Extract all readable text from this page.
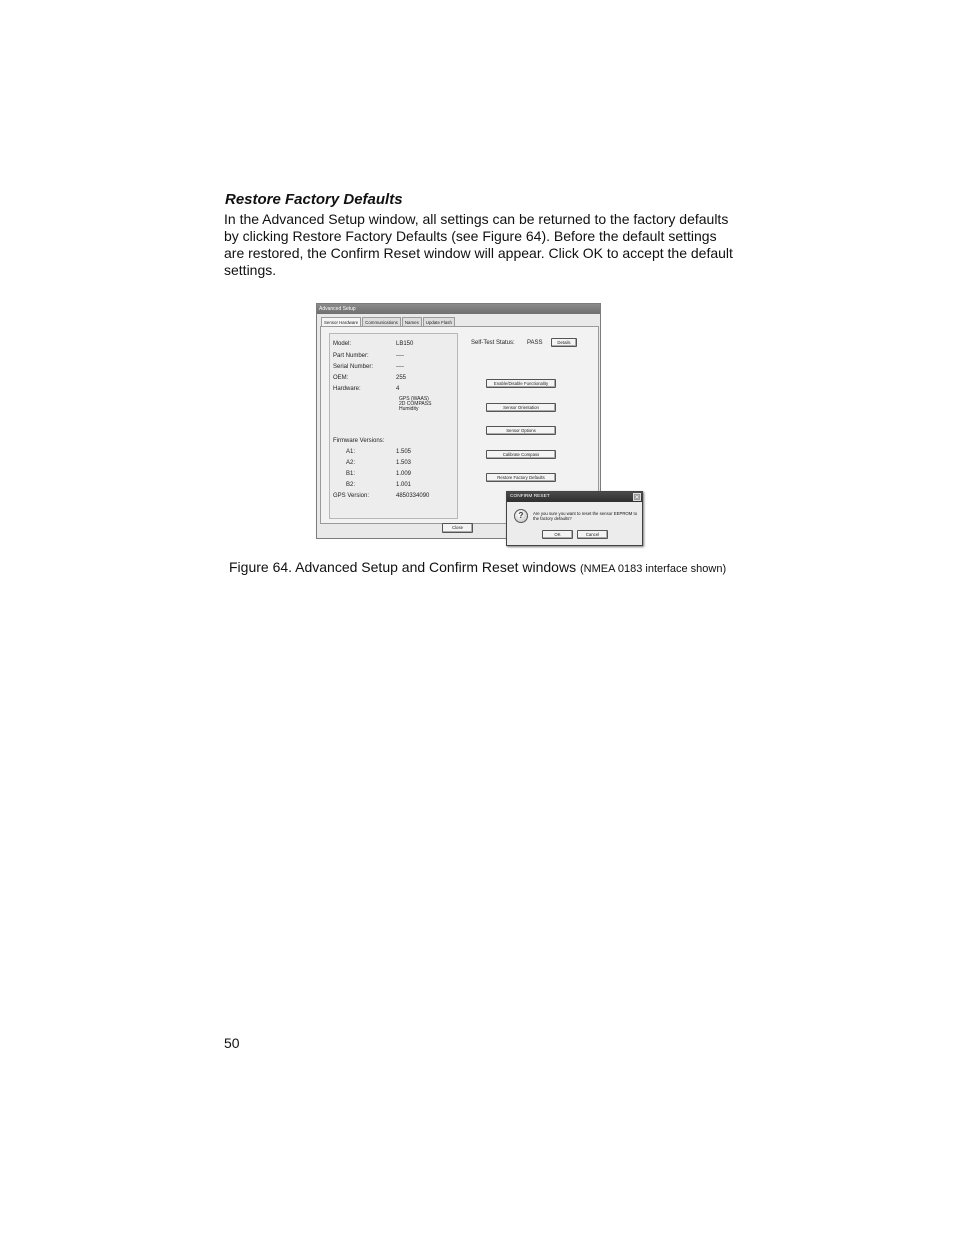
Restore Factory Defaults
In the Advanced Setup window, all settings can be returned to the factory defaults by clicking Restore Factory Defaults (see Figure 64). Before the default settings are restored, the Confirm Reset window will appear. Click OK to accept the default settings.
Advanced Setup
Sensor Hardware	Communications	Names	Update Flash
Model:	LB150
Part Number:	----
Serial Number:	----
OEM:	255
Hardware:	4
GPS (WAAS)
2D COMPASS
Humidity
Firmware Versions:
A1:	1.505
A2:	1.503
B1:	1.009
B2:	1.001
GPS Version:	4850334090
Self-Test Status: PASS	Details
Enable/Disable Functionality
Sensor Orientation
Sensor Options
Calibrate Compass
Restore Factory Defaults
Close
CONFIRM RESET	✕
?	Are you sure you want to reset the sensor EEPROM to the factory defaults?
OK	Cancel
Figure 64. Advanced Setup and Confirm Reset windows (NMEA 0183 interface shown)
50
